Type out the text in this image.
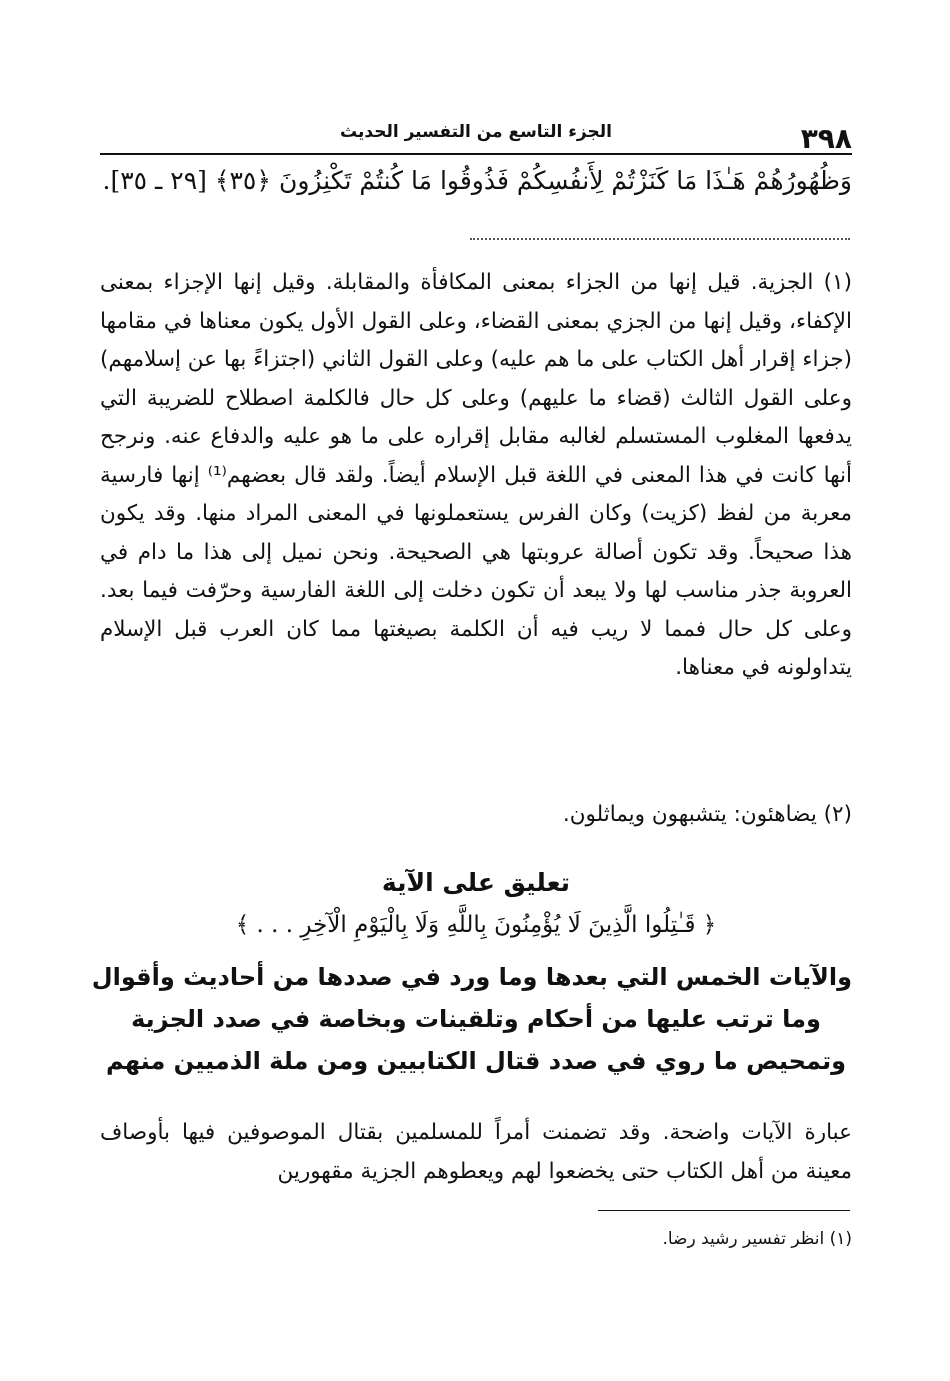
٣٩٨
الجزء التاسع من التفسير الحديث
وَظُهُورُهُمْ هَـٰذَا مَا كَنَزْتُمْ لِأَنفُسِكُمْ فَذُوقُوا مَا كُنتُمْ تَكْنِزُونَ ﴿٣٥﴾ [٢٩ ـ ٣٥].

(١) الجزية. قيل إنها من الجزاء بمعنى المكافأة والمقابلة. وقيل إنها الإجزاء بمعنى الإكفاء، وقيل إنها من الجزي بمعنى القضاء، وعلى القول الأول يكون معناها في مقامها (جزاء إقرار أهل الكتاب على ما هم عليه) وعلى القول الثاني (اجتزاءً بها عن إسلامهم) وعلى القول الثالث (قضاء ما عليهم) وعلى كل حال فالكلمة اصطلاح للضريبة التي يدفعها المغلوب المستسلم لغالبه مقابل إقراره على ما هو عليه والدفاع عنه. ونرجح أنها كانت في هذا المعنى في اللغة قبل الإسلام أيضاً. ولقد قال بعضهم⁽¹⁾ إنها فارسية معربة من لفظ (كزيت) وكان الفرس يستعملونها في المعنى المراد منها. وقد يكون هذا صحيحاً. وقد تكون أصالة عروبتها هي الصحيحة. ونحن نميل إلى هذا ما دام في العروبة جذر مناسب لها ولا يبعد أن تكون دخلت إلى اللغة الفارسية وحرّفت فيما بعد. وعلى كل حال فمما لا ريب فيه أن الكلمة بصيغتها مما كان العرب قبل الإسلام يتداولونه في معناها.

(٢) يضاهئون: يتشبهون ويماثلون.

تعليق على الآية
﴿ قَـٰتِلُوا الَّذِينَ لَا يُؤْمِنُونَ بِاللَّهِ وَلَا بِالْيَوْمِ الْآخِرِ . . . ﴾
والآيات الخمس التي بعدها وما ورد في صددها من أحاديث وأقوال
وما ترتب عليها من أحكام وتلقينات وبخاصة في صدد الجزية
وتمحيص ما روي في صدد قتال الكتابيين ومن ملة الذميين منهم

عبارة الآيات واضحة. وقد تضمنت أمراً للمسلمين بقتال الموصوفين فيها بأوصاف معينة من أهل الكتاب حتى يخضعوا لهم ويعطوهم الجزية مقهورين

(١) انظر تفسير رشيد رضا.
